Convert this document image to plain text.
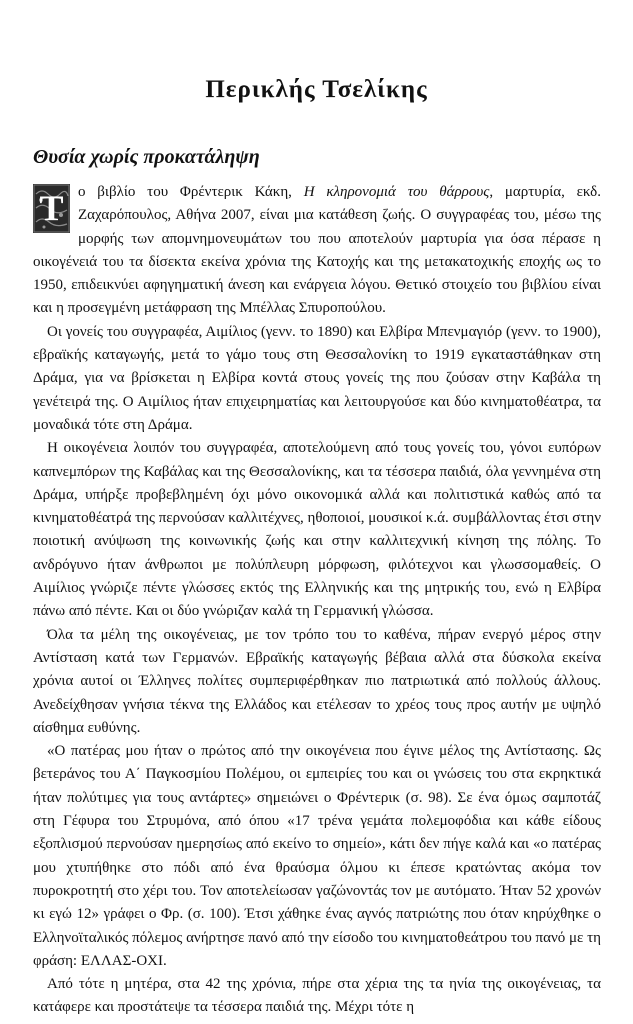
Περικλής Τσελίκης
Θυσία χωρίς προκατάληψη

Τ ο βιβλίο του Φρέντερικ Κάκη, Η κληρονομιά του θάρρους, μαρτυρία, εκδ. Ζαχαρόπουλος, Αθήνα 2007, είναι μια κατάθεση ζωής. Ο συγγραφέας του, μέσω της μορφής των απομνημονευμάτων του που αποτελούν μαρτυρία για όσα πέρασε η οικογένειά του τα δίσεκτα εκείνα χρόνια της Κατοχής και της μετακατοχικής εποχής ως το 1950, επιδεικνύει αφηγηματική άνεση και ενάργεια λόγου. Θετικό στοιχείο του βιβλίου είναι και η προσεγμένη μετάφραση της Μπέλλας Σπυροπούλου.

Οι γονείς του συγγραφέα, Αιμίλιος (γενν. το 1890) και Ελβίρα Μπενμαγιόρ (γενν. το 1900), εβραϊκής καταγωγής, μετά το γάμο τους στη Θεσσαλονίκη το 1919 εγκαταστάθηκαν στη Δράμα, για να βρίσκεται η Ελβίρα κοντά στους γονείς της που ζούσαν στην Καβάλα τη γενέτειρά της. Ο Αιμίλιος ήταν επιχειρηματίας και λειτουργούσε και δύο κινηματοθέατρα, τα μοναδικά τότε στη Δράμα.

Η οικογένεια λοιπόν του συγγραφέα, αποτελούμενη από τους γονείς του, γόνοι ευπόρων καπνεμπόρων της Καβάλας και της Θεσσαλονίκης, και τα τέσσερα παιδιά, όλα γεννημένα στη Δράμα, υπήρξε προβεβλημένη όχι μόνο οικονομικά αλλά και πολιτιστικά καθώς από τα κινηματοθέατρά της περνούσαν καλλιτέχνες, ηθοποιοί, μουσικοί κ.ά. συμβάλλοντας έτσι στην ποιοτική ανύψωση της κοινωνικής ζωής και στην καλλιτεχνική κίνηση της πόλης. Το ανδρόγυνο ήταν άνθρωποι με πολύπλευρη μόρφωση, φιλότεχνοι και γλωσσομαθείς. Ο Αιμίλιος γνώριζε πέντε γλώσσες εκτός της Ελληνικής και της μητρικής του, ενώ η Ελβίρα πάνω από πέντε. Και οι δύο γνώριζαν καλά τη Γερμανική γλώσσα.

Όλα τα μέλη της οικογένειας, με τον τρόπο του το καθένα, πήραν ενεργό μέρος στην Αντίσταση κατά των Γερμανών. Εβραϊκής καταγωγής βέβαια αλλά στα δύσκολα εκείνα χρόνια αυτοί οι Έλληνες πολίτες συμπεριφέρθηκαν πιο πατριωτικά από πολλούς άλλους. Ανεδείχθησαν γνήσια τέκνα της Ελλάδος και ετέλεσαν το χρέος τους προς αυτήν με υψηλό αίσθημα ευθύνης.

«Ο πατέρας μου ήταν ο πρώτος από την οικογένεια που έγινε μέλος της Αντίστασης. Ως βετεράνος του Α΄ Παγκοσμίου Πολέμου, οι εμπειρίες του και οι γνώσεις του στα εκρηκτικά ήταν πολύτιμες για τους αντάρτες» σημειώνει ο Φρέντερικ (σ. 98). Σε ένα όμως σαμποτάζ στη Γέφυρα του Στρυμόνα, από όπου «17 τρένα γεμάτα πολεμοφόδια και κάθε είδους εξοπλισμού περνούσαν ημερησίως από εκείνο το σημείο», κάτι δεν πήγε καλά και «ο πατέρας μου χτυπήθηκε στο πόδι από ένα θραύσμα όλμου κι έπεσε κρατώντας ακόμα τον πυροκροτητή στο χέρι του. Τον αποτελείωσαν γαζώνοντάς τον με αυτόματο. Ήταν 52 χρονών κι εγώ 12» γράφει ο Φρ. (σ. 100). Έτσι χάθηκε ένας αγνός πατριώτης που όταν κηρύχθηκε ο Ελληνοϊταλικός πόλεμος ανήρτησε πανό από την είσοδο του κινηματοθεάτρου του πανό με τη φράση: ΕΛΛΑΣ-ΟΧΙ.

Από τότε η μητέρα, στα 42 της χρόνια, πήρε στα χέρια της τα ηνία της οικογένειας, τα κατάφερε και προστάτεψε τα τέσσερα παιδιά της. Μέχρι τότε η
